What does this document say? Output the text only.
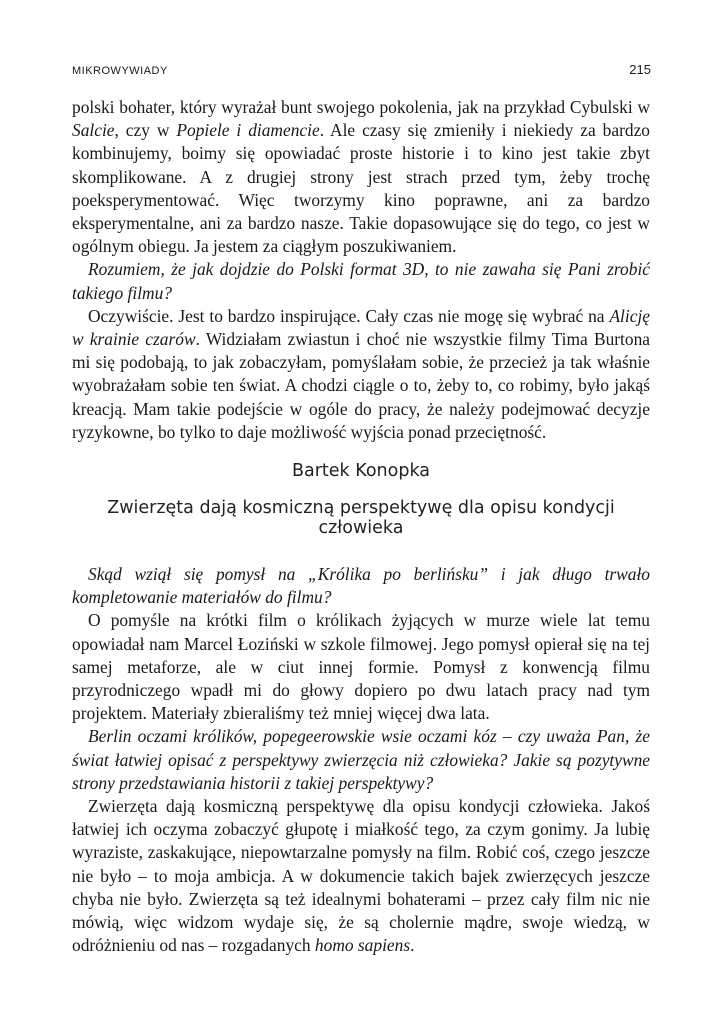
MIKROWYWIADY	215

polski bohater, który wyrażał bunt swojego pokolenia, jak na przykład Cybulski w Salcie, czy w Popiele i diamencie. Ale czasy się zmieniły i niekiedy za bardzo kombinujemy, boimy się opowiadać proste historie i to kino jest takie zbyt skomplikowane. A z drugiej strony jest strach przed tym, żeby trochę poeksperymentować. Więc tworzymy kino poprawne, ani za bardzo eksperymentalne, ani za bardzo nasze. Takie dopasowujące się do tego, co jest w ogólnym obiegu. Ja jestem za ciągłym poszukiwaniem.

Rozumiem, że jak dojdzie do Polski format 3D, to nie zawaha się Pani zrobić takiego filmu?

Oczywiście. Jest to bardzo inspirujące. Cały czas nie mogę się wybrać na Alicję w krainie czarów. Widziałam zwiastun i choć nie wszystkie filmy Tima Burtona mi się podobają, to jak zobaczyłam, pomyślałam sobie, że przecież ja tak właśnie wyobrażałam sobie ten świat. A chodzi ciągle o to, żeby to, co robimy, było jakąś kreacją. Mam takie podejście w ogóle do pracy, że należy podejmować decyzje ryzykowne, bo tylko to daje możliwość wyjścia ponad przeciętność.

Bartek Konopka
Zwierzęta dają kosmiczną perspektywę dla opisu kondycji człowieka

Skąd wziął się pomysł na „Królika po berlińsku” i jak długo trwało kompletowanie materiałów do filmu?

O pomyśle na krótki film o królikach żyjących w murze wiele lat temu opowiadał nam Marcel Łoziński w szkole filmowej. Jego pomysł opierał się na tej samej metaforze, ale w ciut innej formie. Pomysł z konwencją filmu przyrodniczego wpadł mi do głowy dopiero po dwu latach pracy nad tym projektem. Materiały zbieraliśmy też mniej więcej dwa lata.

Berlin oczami królików, popegeerowskie wsie oczami kóz – czy uważa Pan, że świat łatwiej opisać z perspektywy zwierzęcia niż człowieka? Jakie są pozytywne strony przedstawiania historii z takiej perspektywy?

Zwierzęta dają kosmiczną perspektywę dla opisu kondycji człowieka. Jakoś łatwiej ich oczyma zobaczyć głupotę i miałkość tego, za czym gonimy. Ja lubię wyraziste, zaskakujące, niepowtarzalne pomysły na film. Robić coś, czego jeszcze nie było – to moja ambicja. A w dokumencie takich bajek zwierzęcych jeszcze chyba nie było. Zwierzęta są też idealnymi bohaterami – przez cały film nic nie mówią, więc widzom wydaje się, że są cholernie mądre, swoje wiedzą, w odróżnieniu od nas – rozgadanych homo sapiens.
